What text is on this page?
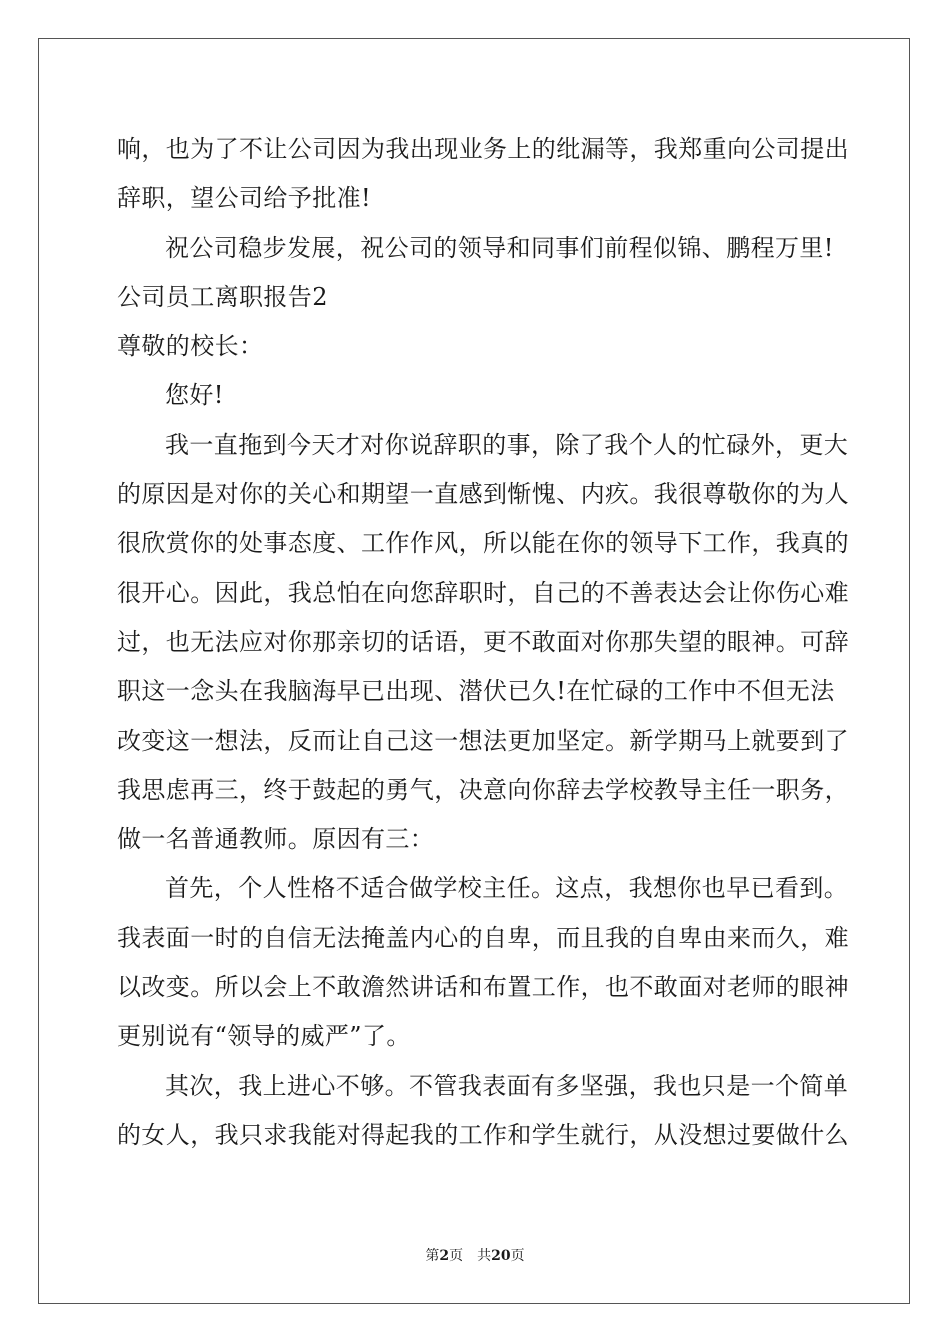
响，也为了不让公司因为我出现业务上的纰漏等，我郑重向公司提出
辞职，望公司给予批准!
祝公司稳步发展，祝公司的领导和同事们前程似锦、鹏程万里!
公司员工离职报告2
尊敬的校长：
您好!
我一直拖到今天才对你说辞职的事，除了我个人的忙碌外，更大
的原因是对你的关心和期望一直感到惭愧、内疚。我很尊敬你的为人
很欣赏你的处事态度、工作作风，所以能在你的领导下工作，我真的
很开心。因此，我总怕在向您辞职时，自己的不善表达会让你伤心难
过，也无法应对你那亲切的话语，更不敢面对你那失望的眼神。可辞
职这一念头在我脑海早已出现、潜伏已久!在忙碌的工作中不但无法
改变这一想法，反而让自己这一想法更加坚定。新学期马上就要到了
我思虑再三，终于鼓起的勇气，决意向你辞去学校教导主任一职务，
做一名普通教师。原因有三：
首先，个人性格不适合做学校主任。这点，我想你也早已看到。
我表面一时的自信无法掩盖内心的自卑，而且我的自卑由来而久，难
以改变。所以会上不敢澹然讲话和布置工作，也不敢面对老师的眼神
更别说有“领导的威严”了。
其次，我上进心不够。不管我表面有多坚强，我也只是一个简单
的女人，我只求我能对得起我的工作和学生就行，从没想过要做什么
第2页 共20页
